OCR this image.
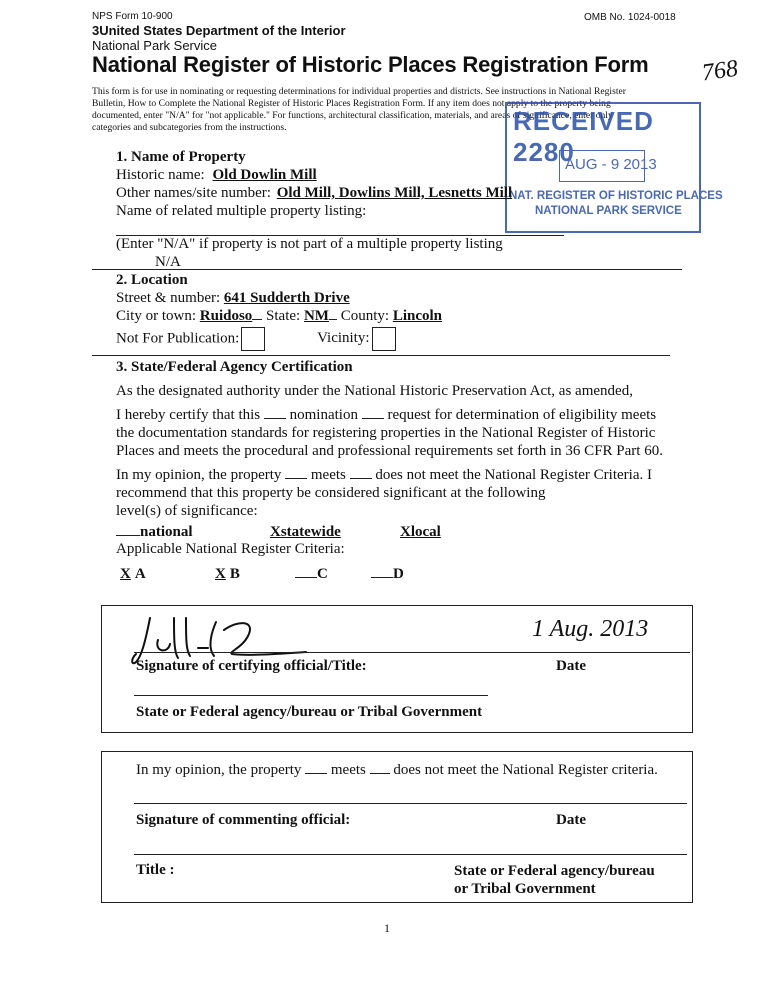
NPS Form 10-900	OMB No. 1024-0018
3United States Department of the Interior
National Park Service
National Register of Historic Places Registration Form
This form is for use in nominating or requesting determinations for individual properties and districts. See instructions in National Register
Bulletin, How to Complete the National Register of Historic Places Registration Form. If any item does not apply to the property being
documented, enter "N/A" for "not applicable." For functions, architectural classification, materials, and areas of significance, enter only
categories and subcategories from the instructions.
768
RECEIVED 2280
AUG - 9 2013
NAT. REGISTER OF HISTORIC PLACES
NATIONAL PARK SERVICE
1. Name of Property
Historic name: Old Dowlin Mill
Other names/site number: Old Mill, Dowlins Mill, Lesnetts Mill
Name of related multiple property listing:
(Enter "N/A" if property is not part of a multiple property listing
N/A
2. Location
Street & number: 641 Sudderth Drive
City or town: Ruidoso State: NM County: Lincoln
Not For Publication:	Vicinity:
3. State/Federal Agency Certification
As the designated authority under the National Historic Preservation Act, as amended,
I hereby certify that this nomination request for determination of eligibility meets
the documentation standards for registering properties in the National Register of Historic
Places and meets the procedural and professional requirements set forth in 36 CFR Part 60.
In my opinion, the property meets does not meet the National Register Criteria. I
recommend that this property be considered significant at the following
level(s) of significance:
national	Xstatewide	Xlocal
Applicable National Register Criteria:
X A	X B	C	D
1 Aug. 2013
Signature of certifying official/Title:	Date
State or Federal agency/bureau or Tribal Government
In my opinion, the property meets does not meet the National Register criteria.
Signature of commenting official:	Date
Title :	State or Federal agency/bureau
or Tribal Government
1
